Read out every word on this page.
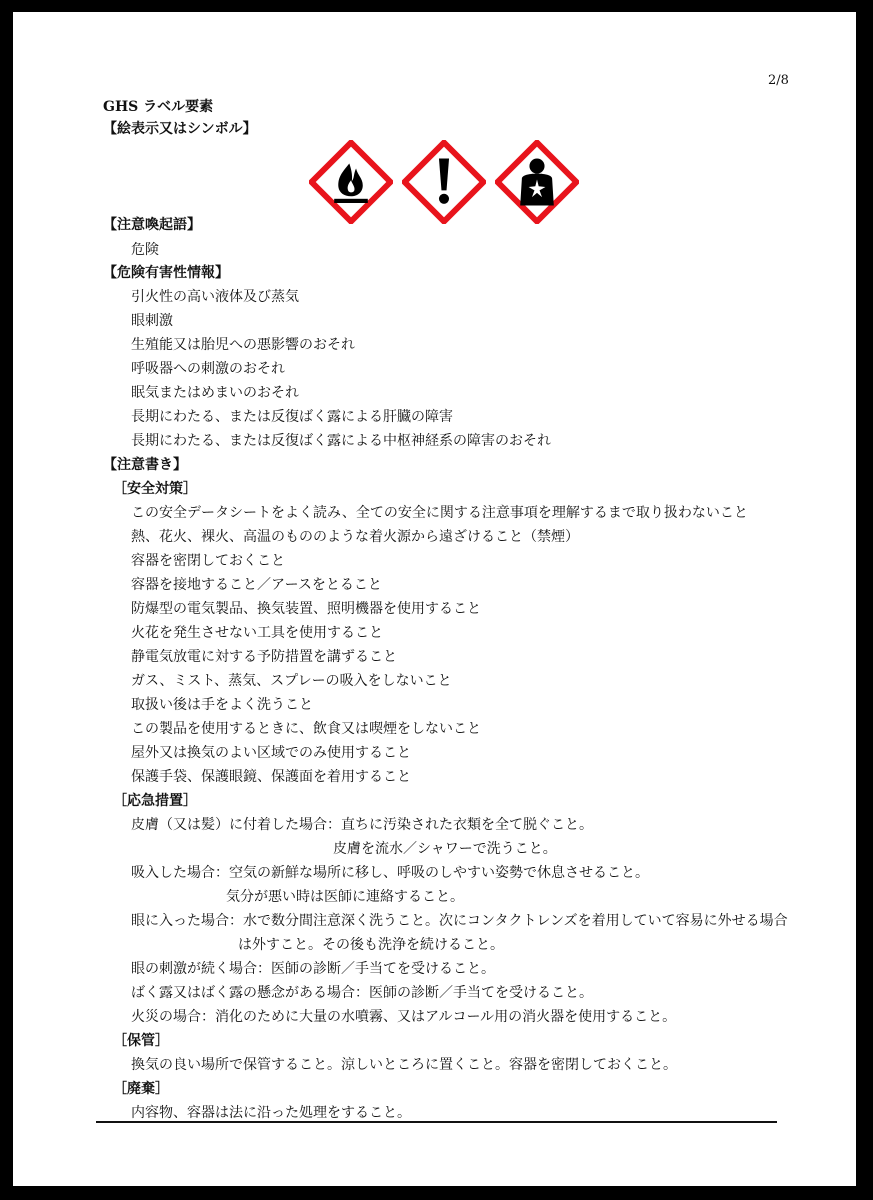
2/8
GHS ラベル要素
【絵表示又はシンボル】
【注意喚起語】
危険
【危険有害性情報】
引火性の高い液体及び蒸気
眼刺激
生殖能又は胎児への悪影響のおそれ
呼吸器への刺激のおそれ
眠気またはめまいのおそれ
長期にわたる、または反復ばく露による肝臓の障害
長期にわたる、または反復ばく露による中枢神経系の障害のおそれ
【注意書き】
［安全対策］
この安全データシートをよく読み、全ての安全に関する注意事項を理解するまで取り扱わないこと
熱、花火、裸火、高温のもののような着火源から遠ざけること（禁煙）
容器を密閉しておくこと
容器を接地すること／アースをとること
防爆型の電気製品、換気装置、照明機器を使用すること
火花を発生させない工具を使用すること
静電気放電に対する予防措置を講ずること
ガス、ミスト、蒸気、スプレーの吸入をしないこと
取扱い後は手をよく洗うこと
この製品を使用するときに、飲食又は喫煙をしないこと
屋外又は換気のよい区域でのみ使用すること
保護手袋、保護眼鏡、保護面を着用すること
［応急措置］
皮膚（又は髪）に付着した場合：直ちに汚染された衣類を全て脱ぐこと。
皮膚を流水／シャワーで洗うこと。
吸入した場合：空気の新鮮な場所に移し、呼吸のしやすい姿勢で休息させること。
気分が悪い時は医師に連絡すること。
眼に入った場合：水で数分間注意深く洗うこと。次にコンタクトレンズを着用していて容易に外せる場合
は外すこと。その後も洗浄を続けること。
眼の刺激が続く場合：医師の診断／手当てを受けること。
ばく露又はばく露の懸念がある場合：医師の診断／手当てを受けること。
火災の場合：消化のために大量の水噴霧、又はアルコール用の消火器を使用すること。
［保管］
換気の良い場所で保管すること。涼しいところに置くこと。容器を密閉しておくこと。
［廃棄］
内容物、容器は法に沿った処理をすること。
